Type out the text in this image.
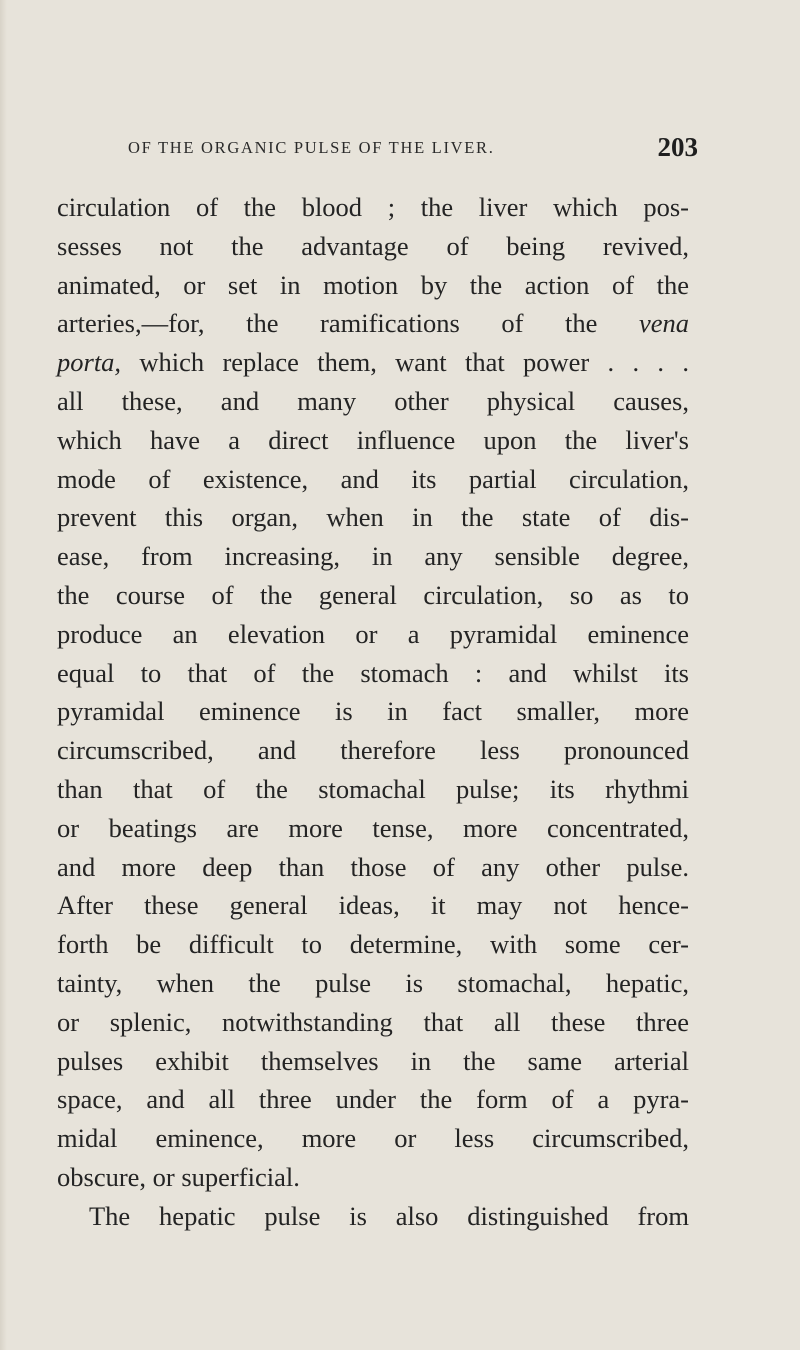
OF THE ORGANIC PULSE OF THE LIVER.	203
circulation of the blood ; the liver which pos-
sesses not the advantage of being revived,
animated, or set in motion by the action of the
arteries,—for, the ramifications of the vena
porta, which replace them, want that power . . . .
all these, and many other physical causes,
which have a direct influence upon the liver's
mode of existence, and its partial circulation,
prevent this organ, when in the state of dis-
ease, from increasing, in any sensible degree,
the course of the general circulation, so as to
produce an elevation or a pyramidal eminence
equal to that of the stomach : and whilst its
pyramidal eminence is in fact smaller, more
circumscribed, and therefore less pronounced
than that of the stomachal pulse; its rhythmi
or beatings are more tense, more concentrated,
and more deep than those of any other pulse.
After these general ideas, it may not hence-
forth be difficult to determine, with some cer-
tainty, when the pulse is stomachal, hepatic,
or splenic, notwithstanding that all these three
pulses exhibit themselves in the same arterial
space, and all three under the form of a pyra-
midal eminence, more or less circumscribed,
obscure, or superficial.
The hepatic pulse is also distinguished from
